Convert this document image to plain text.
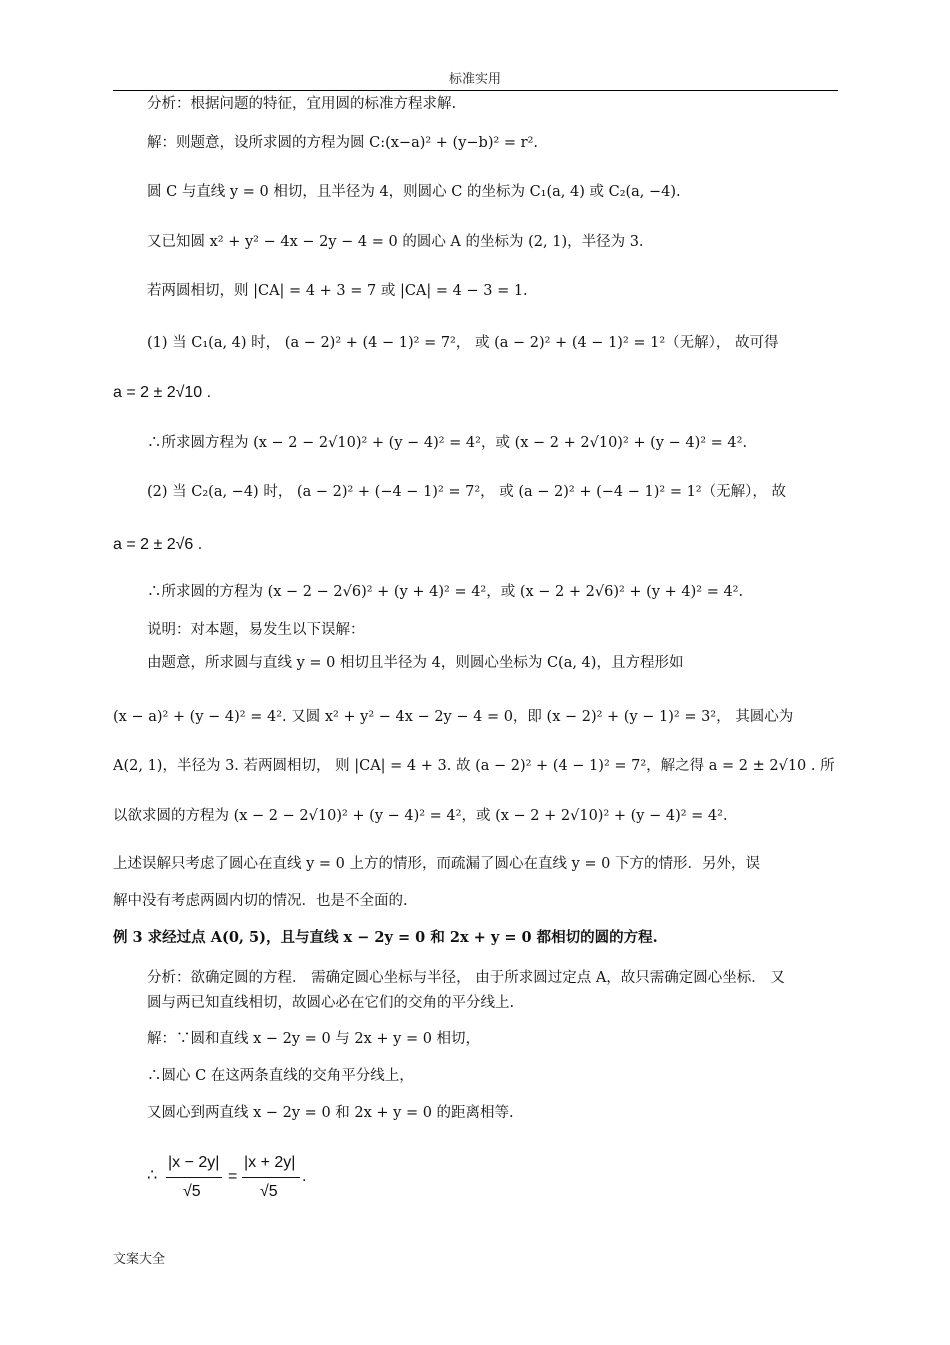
标准实用
分析：根据问题的特征，宜用圆的标准方程求解.
解：则题意，设所求圆的方程为圆 C:(x−a)² + (y−b)² = r².
圆 C 与直线 y = 0 相切，且半径为 4，则圆心 C 的坐标为 C₁(a, 4) 或 C₂(a, −4).
又已知圆 x² + y² − 4x − 2y − 4 = 0 的圆心 A 的坐标为 (2, 1)，半径为 3.
若两圆相切，则 |CA| = 4 + 3 = 7 或 |CA| = 4 − 3 = 1.
(1) 当 C₁(a, 4) 时， (a − 2)² + (4 − 1)² = 7²， 或 (a − 2)² + (4 − 1)² = 1²（无解）， 故可得
a = 2 ± 2√10 .
∴所求圆方程为 (x − 2 − 2√10)² + (y − 4)² = 4²，或 (x − 2 + 2√10)² + (y − 4)² = 4².
(2) 当 C₂(a, −4) 时， (a − 2)² + (−4 − 1)² = 7²， 或 (a − 2)² + (−4 − 1)² = 1²（无解）， 故
a = 2 ± 2√6 .
∴所求圆的方程为 (x − 2 − 2√6)² + (y + 4)² = 4²，或 (x − 2 + 2√6)² + (y + 4)² = 4².
说明：对本题，易发生以下误解：
由题意，所求圆与直线 y = 0 相切且半径为 4，则圆心坐标为 C(a, 4)，且方程形如
(x − a)² + (y − 4)² = 4². 又圆 x² + y² − 4x − 2y − 4 = 0，即 (x − 2)² + (y − 1)² = 3²， 其圆心为
A(2, 1)，半径为 3. 若两圆相切， 则 |CA| = 4 + 3. 故 (a − 2)² + (4 − 1)² = 7²，解之得 a = 2 ± 2√10 . 所
以欲求圆的方程为 (x − 2 − 2√10)² + (y − 4)² = 4²，或 (x − 2 + 2√10)² + (y − 4)² = 4².
上述误解只考虑了圆心在直线 y = 0 上方的情形，而疏漏了圆心在直线 y = 0 下方的情形．另外，误
解中没有考虑两圆内切的情况．也是不全面的.
例 3 求经过点 A(0, 5)，且与直线 x − 2y = 0 和 2x + y = 0 都相切的圆的方程.
分析：欲确定圆的方程． 需确定圆心坐标与半径， 由于所求圆过定点 A，故只需确定圆心坐标． 又
圆与两已知直线相切，故圆心必在它们的交角的平分线上.
解：∵圆和直线 x − 2y = 0 与 2x + y = 0 相切，
∴圆心 C 在这两条直线的交角平分线上，
又圆心到两直线 x − 2y = 0 和 2x + y = 0 的距离相等.
∴
|x − 2y|
√5
=
|x + 2y|
√5
.
文案大全
